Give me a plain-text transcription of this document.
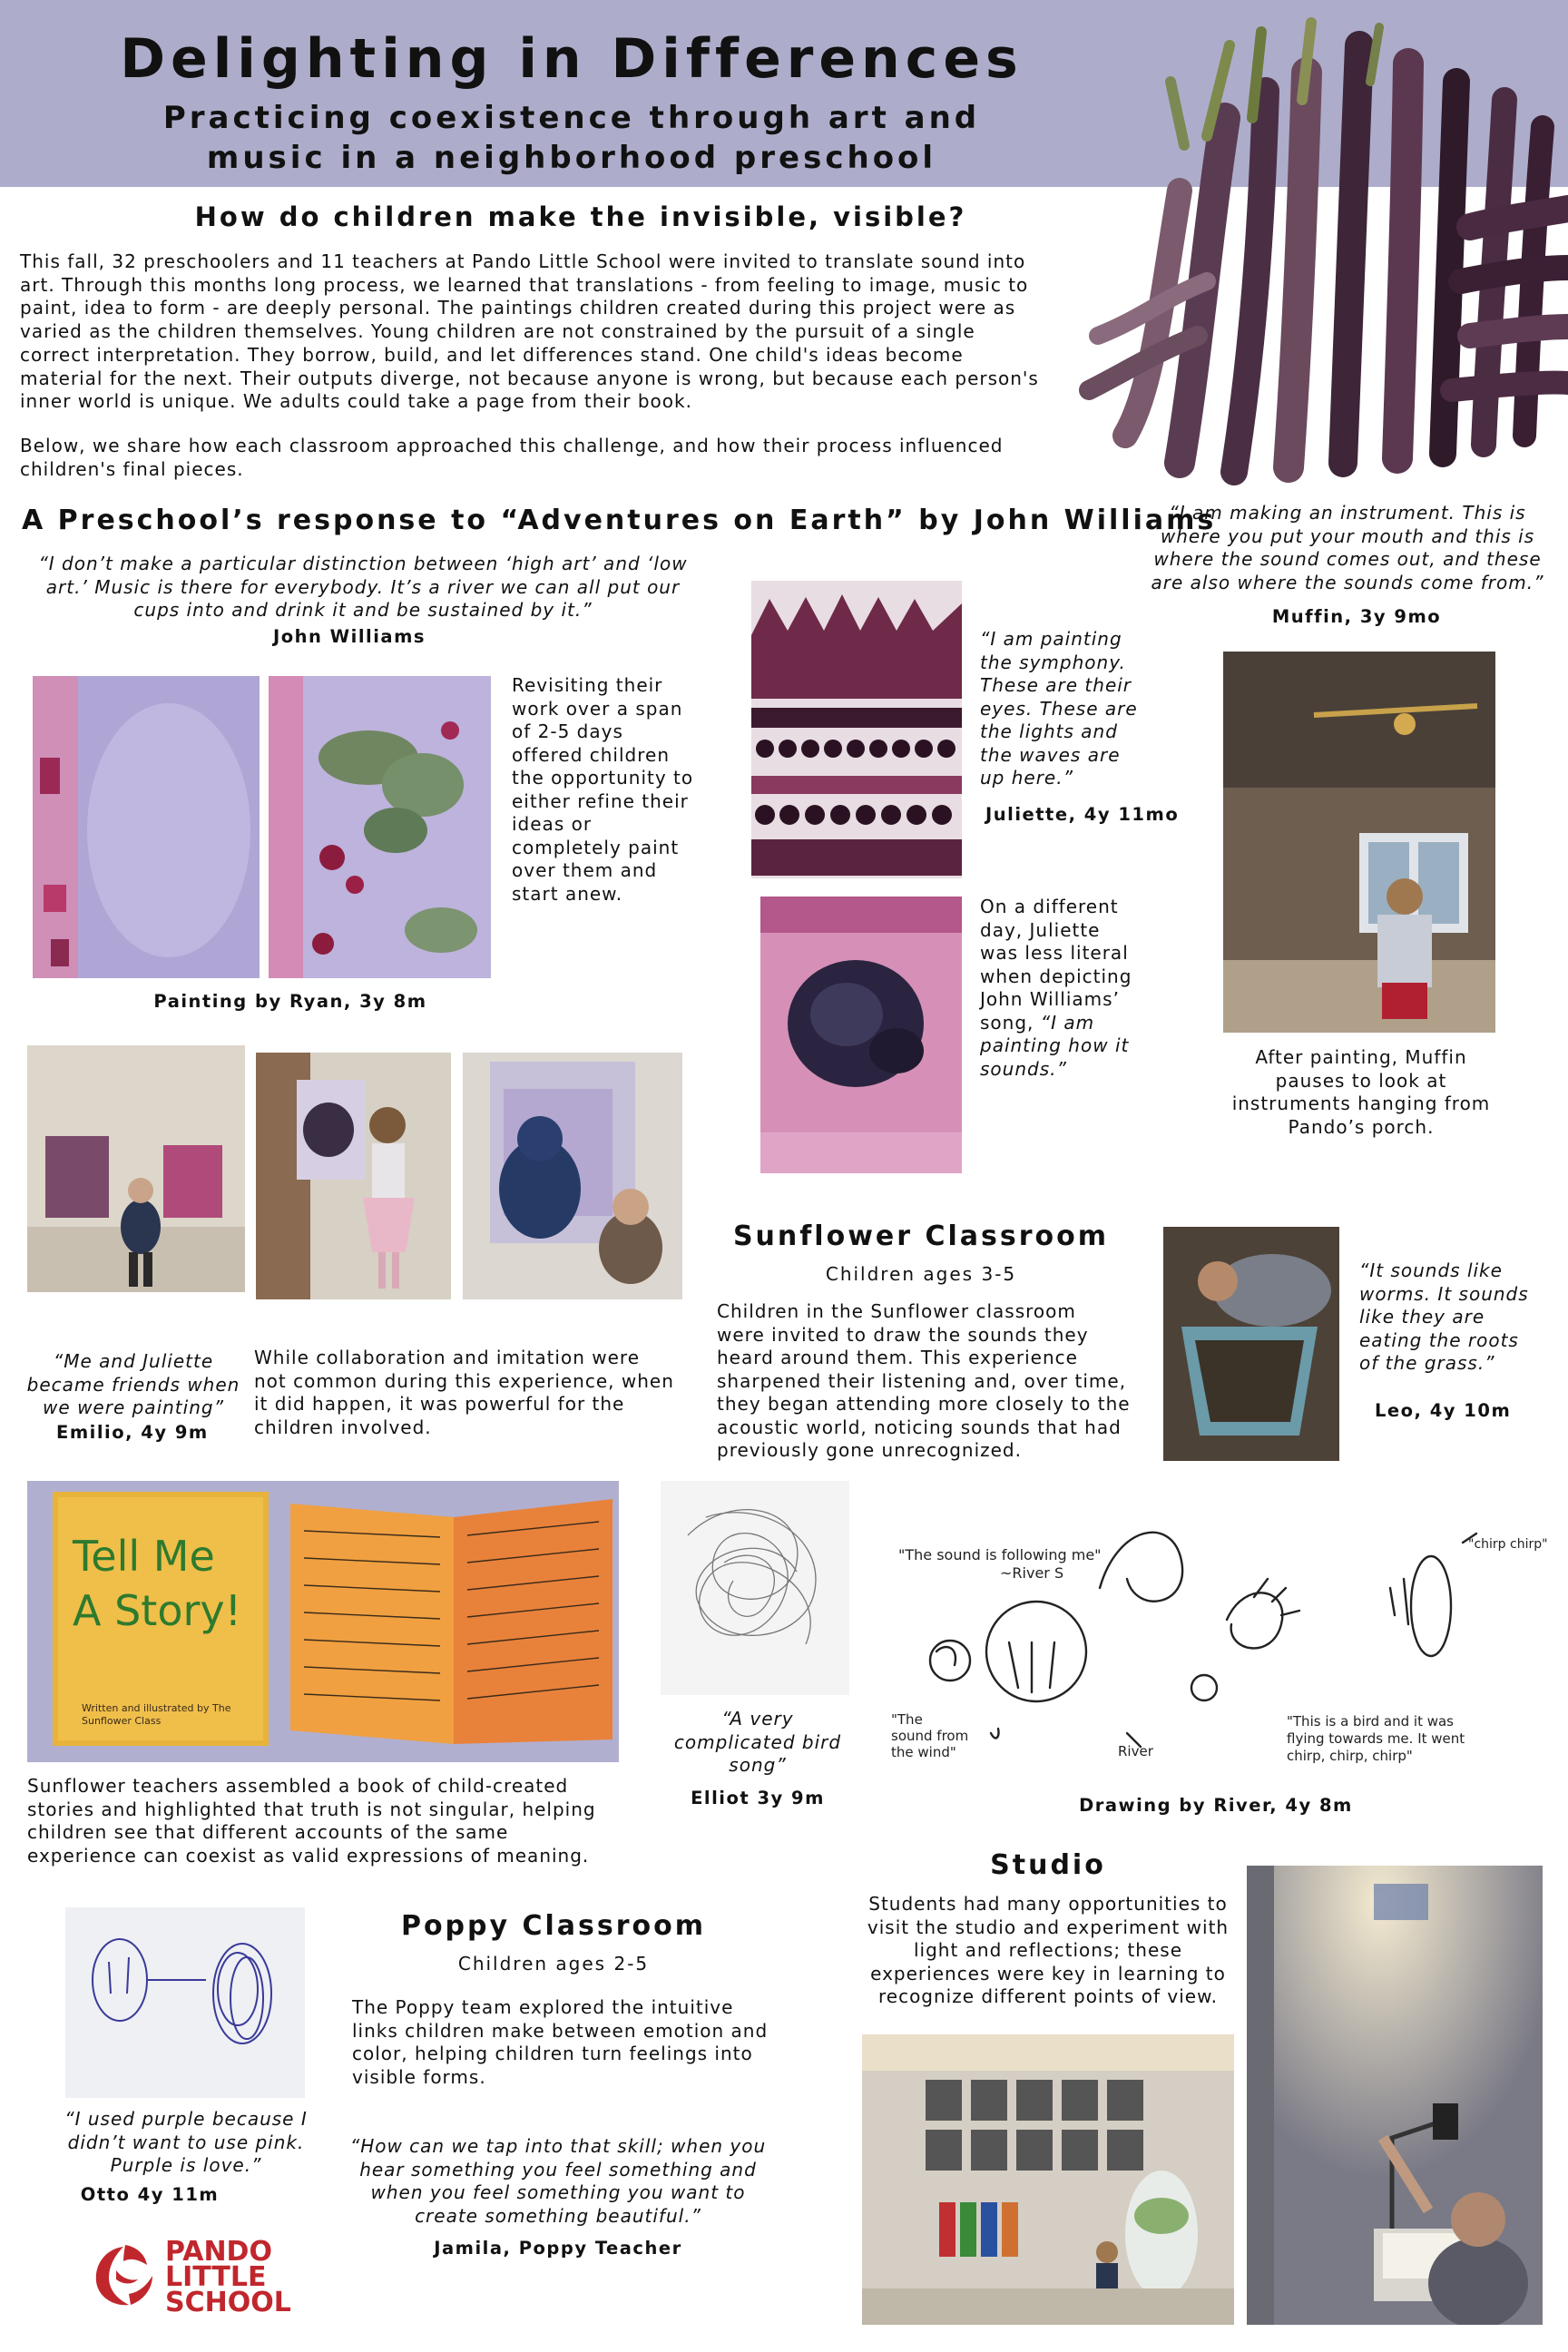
Delighting in Differences
Practicing coexistence through art and
music in a neighborhood preschool
How do children make the invisible, visible?
This fall, 32 preschoolers and 11 teachers at Pando Little School were invited to translate sound into
art. Through this months long process, we learned that translations - from feeling to image, music to
paint, idea to form - are deeply personal. The paintings children created during this project were as
varied as the children themselves. Young children are not constrained by the pursuit of a single
correct interpretation. They borrow, build, and let differences stand. One child's ideas become
material for the next. Their outputs diverge, not because anyone is wrong, but because each person's
inner world is unique. We adults could take a page from their book.
Below, we share how each classroom approached this challenge, and how their process influenced
children's final pieces.
A Preschool’s response to “Adventures on Earth” by John Williams
“I don’t make a particular distinction between ‘high art’ and ‘low
art.’ Music is there for everybody. It’s a river we can all put our
cups into and drink it and be sustained by it.”
John Williams
Revisiting their
work over a span
of 2-5 days
offered children
the opportunity to
either refine their
ideas or
completely paint
over them and
start anew.
Painting by Ryan, 3y 8m
“Me and Juliette
became friends when
we were painting”
Emilio, 4y 9m
While collaboration and imitation were
not common during this experience, when
it did happen, it was powerful for the
children involved.
“I am painting
the symphony.
These are their
eyes. These are
the lights and
the waves are
up here.”
Juliette, 4y 11mo
On a different
day, Juliette
was less literal
when depicting
John Williams’
song, “I am
painting how it
sounds.”
“I am making an instrument. This is
where you put your mouth and this is
where the sound comes out, and these
are also where the sounds come from.”
Muffin, 3y 9mo
After painting, Muffin
pauses to look at
instruments hanging from
Pando’s porch.
Sunflower Classroom
Children ages 3-5
Children in the Sunflower classroom
were invited to draw the sounds they
heard around them. This experience
sharpened their listening and, over time,
they began attending more closely to the
acoustic world, noticing sounds that had
previously gone unrecognized.
“It sounds like
worms. It sounds
like they are
eating the roots
of the grass.”
Leo, 4y 10m
Tell Me
A Story!
Written and illustrated by The Sunflower Class
Sunflower teachers assembled a book of child-created
stories and highlighted that truth is not singular, helping
children see that different accounts of the same
experience can coexist as valid expressions of meaning.
“A very
complicated bird
song”
Elliot 3y 9m
"The sound is following me"
~River S
"chirp chirp"
"The
sound from
the wind"	River
"This is a bird and it was
flying towards me. It went
chirp, chirp, chirp"
Drawing by River, 4y 8m
Studio
Students had many opportunities to
visit the studio and experiment with
light and reflections; these
experiences were key in learning to
recognize different points of view.
“I used purple because I
didn’t want to use pink.
Purple is love.”
Otto 4y 11m
Poppy Classroom
Children ages 2-5
The Poppy team explored the intuitive
links children make between emotion and
color, helping children turn feelings into
visible forms.
“How can we tap into that skill; when you
hear something you feel something and
when you feel something you want to
create something beautiful.”
Jamila, Poppy Teacher
PANDO
LITTLE
SCHOOL
